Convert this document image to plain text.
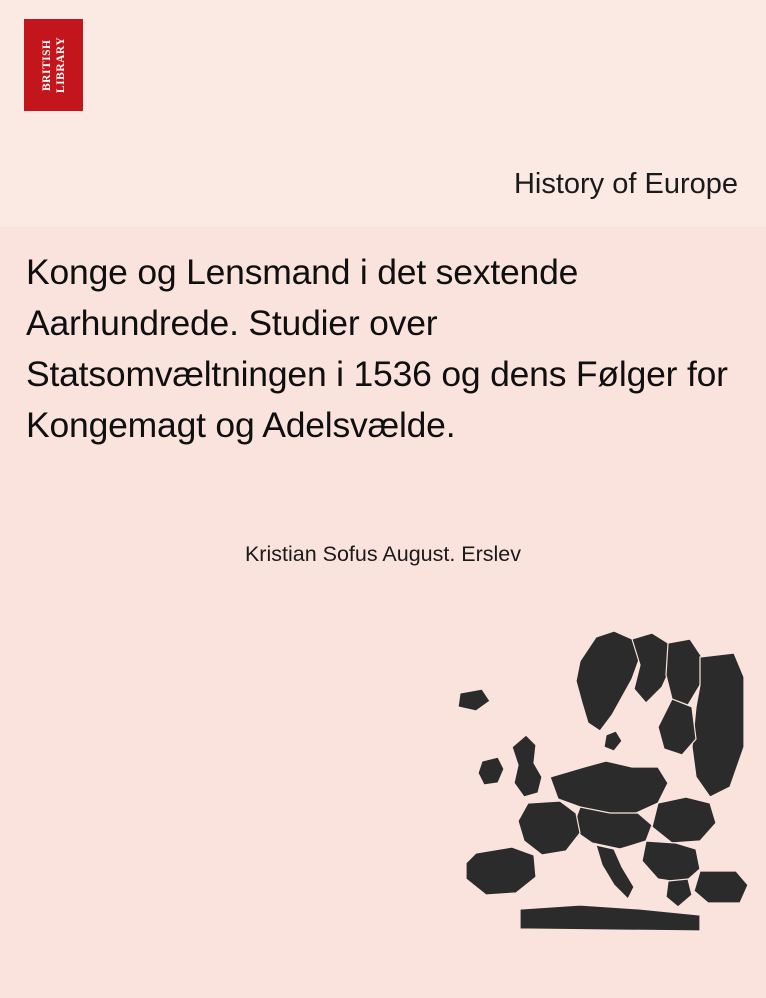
BRITISH LIBRARY
History of Europe
Konge og Lensmand i det sextende Aarhundrede. Studier over Statsomvæltningen i 1536 og dens Følger for Kongemagt og Adelsvælde.
Kristian Sofus August. Erslev
